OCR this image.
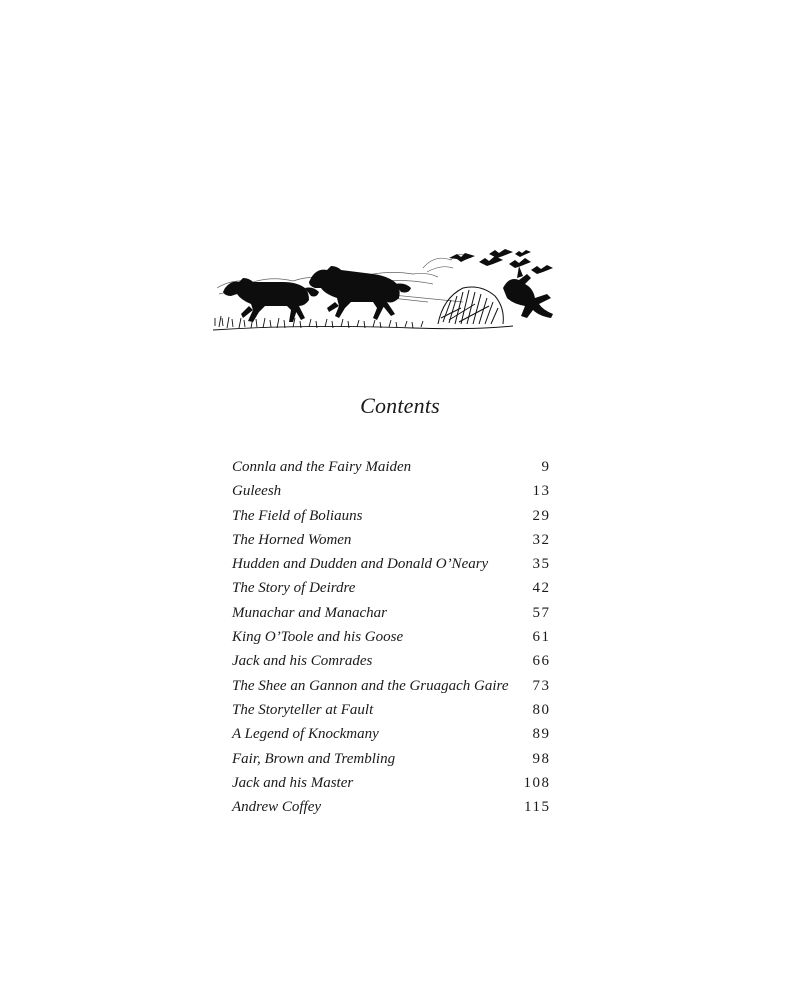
Contents
Connla and the Fairy Maiden	9
Guleesh	13
The Field of Boliauns	29
The Horned Women	32
Hudden and Dudden and Donald O’Neary	35
The Story of Deirdre	42
Munachar and Manachar	57
King O’Toole and his Goose	61
Jack and his Comrades	66
The Shee an Gannon and the Gruagach Gaire 73
The Storyteller at Fault	80
A Legend of Knockmany	89
Fair, Brown and Trembling	98
Jack and his Master	108
Andrew Coffey	115
